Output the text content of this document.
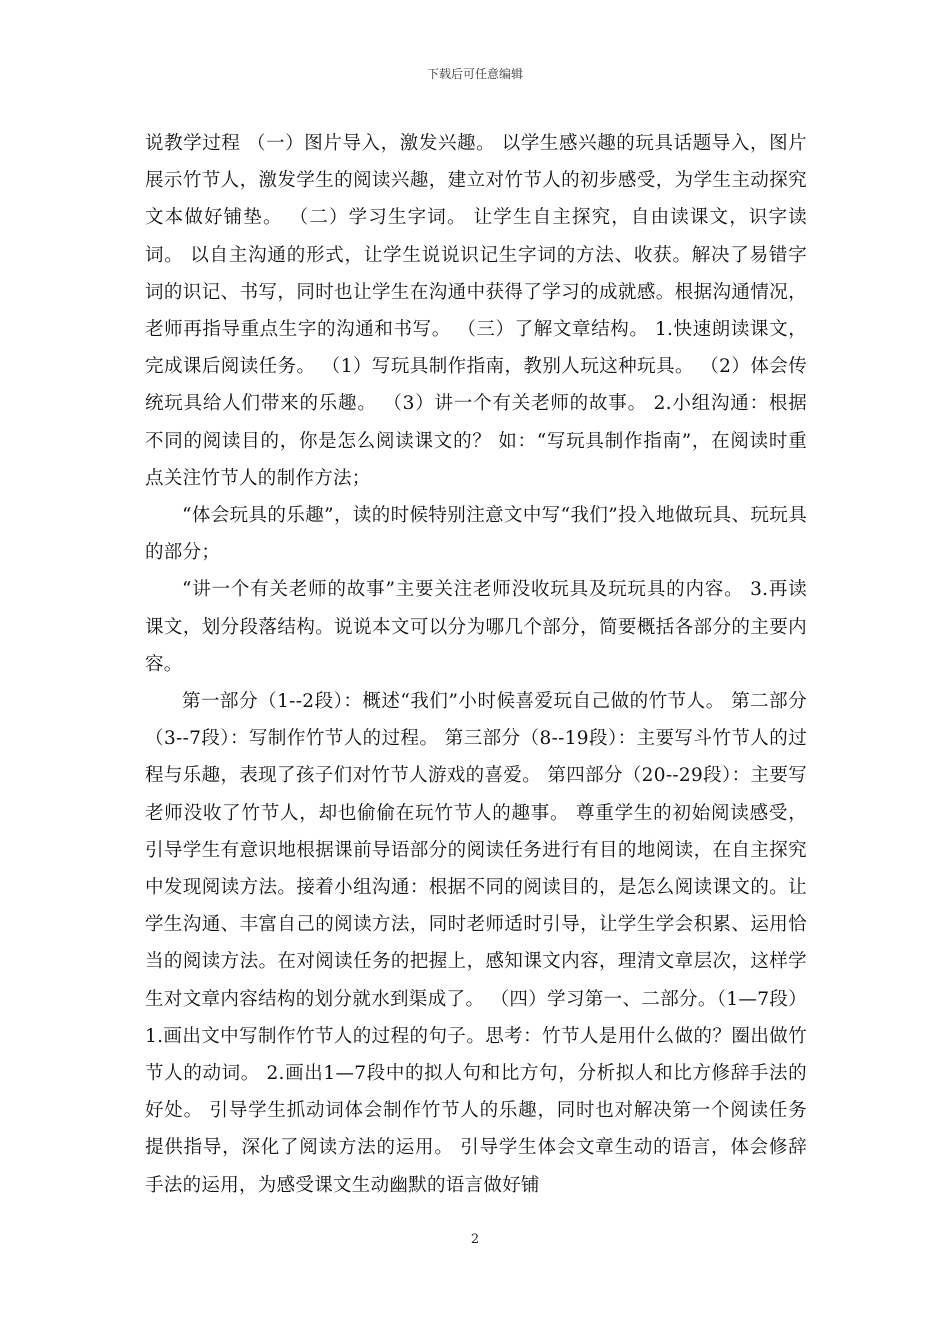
下载后可任意编辑

说教学过程 （一）图片导入，激发兴趣。 以学生感兴趣的玩具话题导入，图片展示竹节人，激发学生的阅读兴趣，建立对竹节人的初步感受，为学生主动探究文本做好铺垫。 （二）学习生字词。 让学生自主探究，自由读课文，识字读词。 以自主沟通的形式，让学生说说识记生字词的方法、收获。解决了易错字词的识记、书写，同时也让学生在沟通中获得了学习的成就感。根据沟通情况，老师再指导重点生字的沟通和书写。 （三）了解文章结构。 1.快速朗读课文，完成课后阅读任务。 （1）写玩具制作指南，教别人玩这种玩具。 （2）体会传统玩具给人们带来的乐趣。 （3）讲一个有关老师的故事。 2.小组沟通：根据不同的阅读目的，你是怎么阅读课文的？ 如：“写玩具制作指南”，在阅读时重点关注竹节人的制作方法；

“体会玩具的乐趣”，读的时候特别注意文中写“我们”投入地做玩具、玩玩具的部分；

“讲一个有关老师的故事”主要关注老师没收玩具及玩玩具的内容。 3.再读课文，划分段落结构。说说本文可以分为哪几个部分，简要概括各部分的主要内容。

第一部分（1--2段）：概述“我们”小时候喜爱玩自己做的竹节人。 第二部分（3--7段）：写制作竹节人的过程。 第三部分（8--19段）：主要写斗竹节人的过程与乐趣，表现了孩子们对竹节人游戏的喜爱。 第四部分（20--29段）：主要写老师没收了竹节人，却也偷偷在玩竹节人的趣事。 尊重学生的初始阅读感受，引导学生有意识地根据课前导语部分的阅读任务进行有目的地阅读，在自主探究中发现阅读方法。接着小组沟通：根据不同的阅读目的，是怎么阅读课文的。让学生沟通、丰富自己的阅读方法，同时老师适时引导，让学生学会积累、运用恰当的阅读方法。在对阅读任务的把握上，感知课文内容，理清文章层次，这样学生对文章内容结构的划分就水到渠成了。 （四）学习第一、二部分。（1—7段） 1.画出文中写制作竹节人的过程的句子。思考：竹节人是用什么做的？圈出做竹节人的动词。 2.画出1—7段中的拟人句和比方句，分析拟人和比方修辞手法的好处。 引导学生抓动词体会制作竹节人的乐趣，同时也对解决第一个阅读任务提供指导，深化了阅读方法的运用。 引导学生体会文章生动的语言，体会修辞手法的运用，为感受课文生动幽默的语言做好铺

2
